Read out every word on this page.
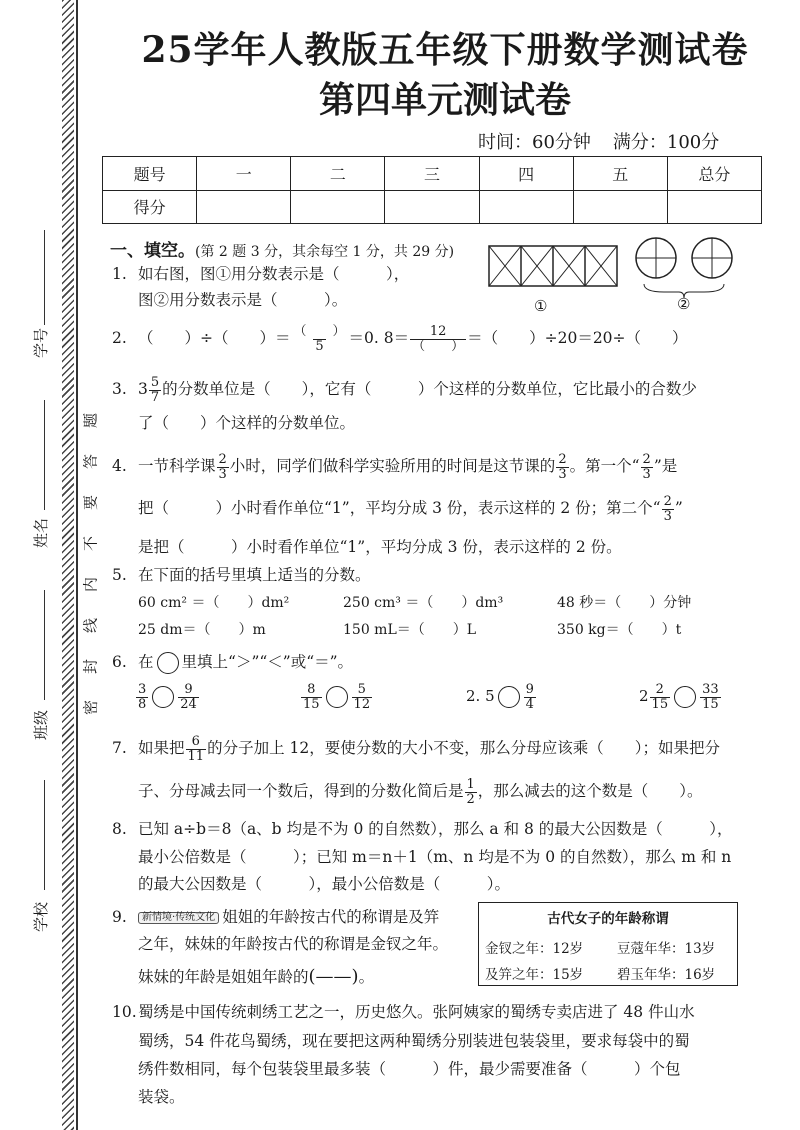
学号
姓名
班级
学校
题
答
要
不
内
线
封
密
25学年人教版五年级下册数学测试卷
第四单元测试卷
时间：60分钟 满分：100分
题号	一	二	三	四	五	总分
得分						
一、填空。(第 2 题 3 分，其余每空 1 分，共 29 分)
①	②
1. 如右图，图①用分数表示是（　　　），
图②用分数表示是（　　　）。
2. （　　）÷（　　）＝ $\frac{( )}{5} =0$. $8= \frac{12}{( )}$ ＝（　　）÷20＝20÷（　　）
3. $3 \frac{5}{7}$ 的分数单位是（　　），它有（　　　）个这样的分数单位，它比最小的合数少
了（　　）个这样的分数单位。
4. 一节科学课 $\frac{2}{3}$ 小时，同学们做科学实验所用的时间是这节课的 $\frac{2}{3}$ 。第一个“ $\frac{2}{3}$ ”是
把（　　　）小时看作单位“1”，平均分成 3 份，表示这样的 2 份；第二个“ $\frac{2}{3}$ ”
是把（　　　）小时看作单位“1”，平均分成 3 份，表示这样的 2 份。
5. 在下面的括号里填上适当的分数。
60 cm² ＝（　　）dm²	250 cm³ ＝（　　）dm³	48 秒＝（　　）分钟
25 dm＝（　　）m	150 mL＝（　　）L	350 kg＝（　　）t
6. 在 里填上“＞”“＜”或“＝”。
$\frac{3}{8} \frac{9}{24}$	$\frac{8}{15} \frac{5}{12}$	2. $5 \frac{9}{4}$	$2 \frac{2}{15} \frac{33}{15}$
7. 如果把 $\frac{6}{11}$ 的分子加上 12，要使分数的大小不变，那么分母应该乘（　　）；如果把分
子、分母减去同一个数后，得到的分数化简后是 $\frac{1}{2}$ ，那么减去的这个数是（　　）。
8. 已知 a÷b＝8（a、b 均是不为 0 的自然数），那么 a 和 8 的最大公因数是（　　　），
最小公倍数是（　　　）；已知 m＝n＋1（m、n 均是不为 0 的自然数），那么 m 和 n
的最大公因数是（　　　），最小公倍数是（　　　）。
9. 新情境·传统文化 姐姐的年龄按古代的称谓是及笄
之年，妹妹的年龄按古代的称谓是金钗之年。
妹妹的年龄是姐姐年龄的(——)。
古代女子的年龄称谓
金钗之年：12岁	豆蔻年华：13岁
及笄之年：15岁	碧玉年华：16岁
10.蜀绣是中国传统刺绣工艺之一，历史悠久。张阿姨家的蜀绣专卖店进了 48 件山水
蜀绣，54 件花鸟蜀绣，现在要把这两种蜀绣分别装进包装袋里，要求每袋中的蜀
绣件数相同，每个包装袋里最多装（　　　）件，最少需要准备（　　　）个包
装袋。
